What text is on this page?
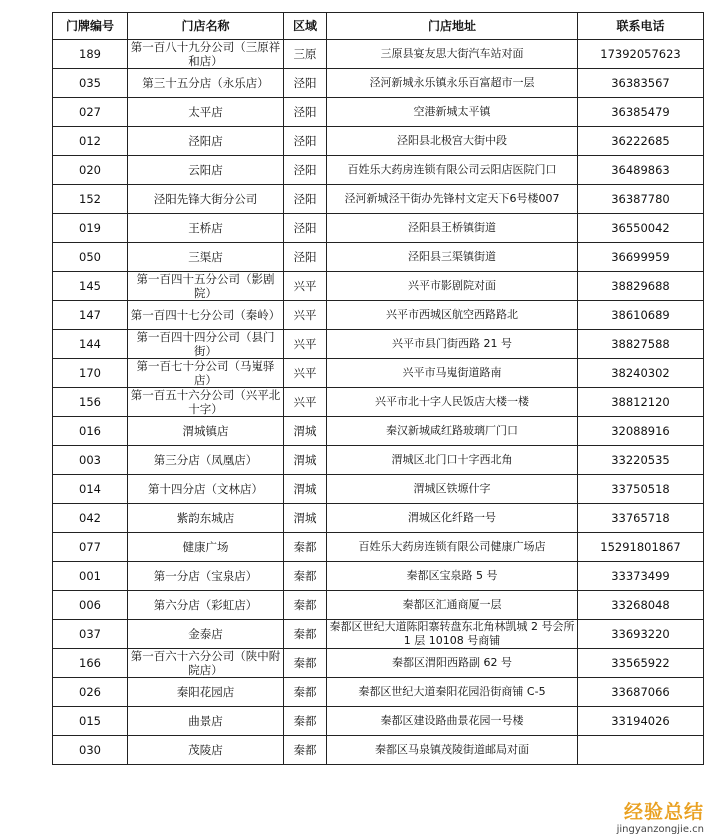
门牌编号	门店名称	区域	门店地址	联系电话
189	第一百八十九分公司（三原祥和店）	三原	三原县宴友思大街汽车站对面	17392057623
035	第三十五分店（永乐店）	泾阳	泾河新城永乐镇永乐百富超市一层	36383567
027	太平店	泾阳	空港新城太平镇	36385479
012	泾阳店	泾阳	泾阳县北极宫大街中段	36222685
020	云阳店	泾阳	百姓乐大药房连锁有限公司云阳店医院门口	36489863
152	泾阳先锋大街分公司	泾阳	泾河新城泾干街办先锋村文定天下6号楼007	36387780
019	王桥店	泾阳	泾阳县王桥镇街道	36550042
050	三渠店	泾阳	泾阳县三渠镇街道	36699959
145	第一百四十五分公司（影剧院）	兴平	兴平市影剧院对面	38829688
147	第一百四十七分公司（秦岭）	兴平	兴平市西城区航空西路路北	38610689
144	第一百四十四分公司（县门街）	兴平	兴平市县门街西路 21 号	38827588
170	第一百七十分公司（马嵬驿店）	兴平	兴平市马嵬街道路南	38240302
156	第一百五十六分公司（兴平北十字）	兴平	兴平市北十字人民饭店大楼一楼	38812120
016	渭城镇店	渭城	秦汉新城咸红路玻璃厂门口	32088916
003	第三分店（凤凰店）	渭城	渭城区北门口十字西北角	33220535
014	第十四分店（文林店）	渭城	渭城区铁塬什字	33750518
042	紫韵东城店	渭城	渭城区化纤路一号	33765718
077	健康广场	秦都	百姓乐大药房连锁有限公司健康广场店	15291801867
001	第一分店（宝泉店）	秦都	秦都区宝泉路 5 号	33373499
006	第六分店（彩虹店）	秦都	秦都区汇通商厦一层	33268048
037	金泰店	秦都	秦都区世纪大道陈阳寨转盘东北角林凯城 2 号会所 1 层 10108 号商铺	33693220
166	第一百六十六分公司（陕中附院店）	秦都	秦都区渭阳西路副 62 号	33565922
026	秦阳花园店	秦都	秦都区世纪大道秦阳花园沿街商铺 C-5	33687066
015	曲景店	秦都	秦都区建设路曲景花园一号楼	33194026
030	茂陵店	秦都	秦都区马泉镇茂陵街道邮局对面	
经验总结
jingyanzongjie.cn
